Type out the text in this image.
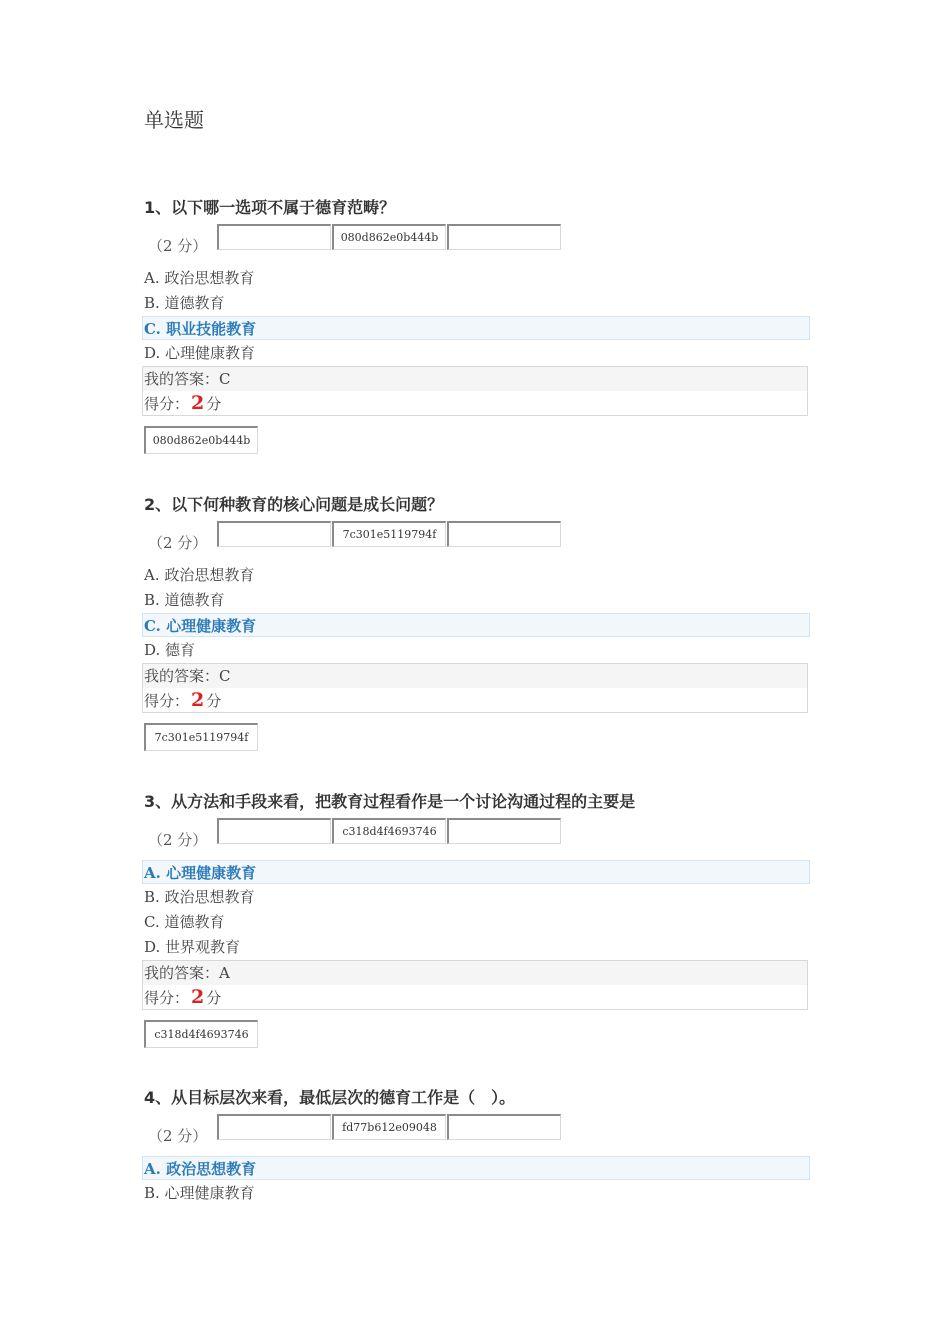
单选题

1、以下哪一选项不属于德育范畴？

（2 分）	080d862e0b444b
A. 政治思想教育
B. 道德教育
C. 职业技能教育
D. 心理健康教育
我的答案：C
得分： 2 分
080d862e0b444b

2、以下何种教育的核心问题是成长问题？

（2 分）	7c301e5119794f
A. 政治思想教育
B. 道德教育
C. 心理健康教育
D. 德育
我的答案：C
得分： 2 分
7c301e5119794f

3、从方法和手段来看，把教育过程看作是一个讨论沟通过程的主要是

（2 分）	c318d4f4693746
A. 心理健康教育
B. 政治思想教育
C. 道德教育
D. 世界观教育
我的答案：A
得分： 2 分
c318d4f4693746

4、从目标层次来看，最低层次的德育工作是（　）。

（2 分）	fd77b612e09048
A. 政治思想教育
B. 心理健康教育
